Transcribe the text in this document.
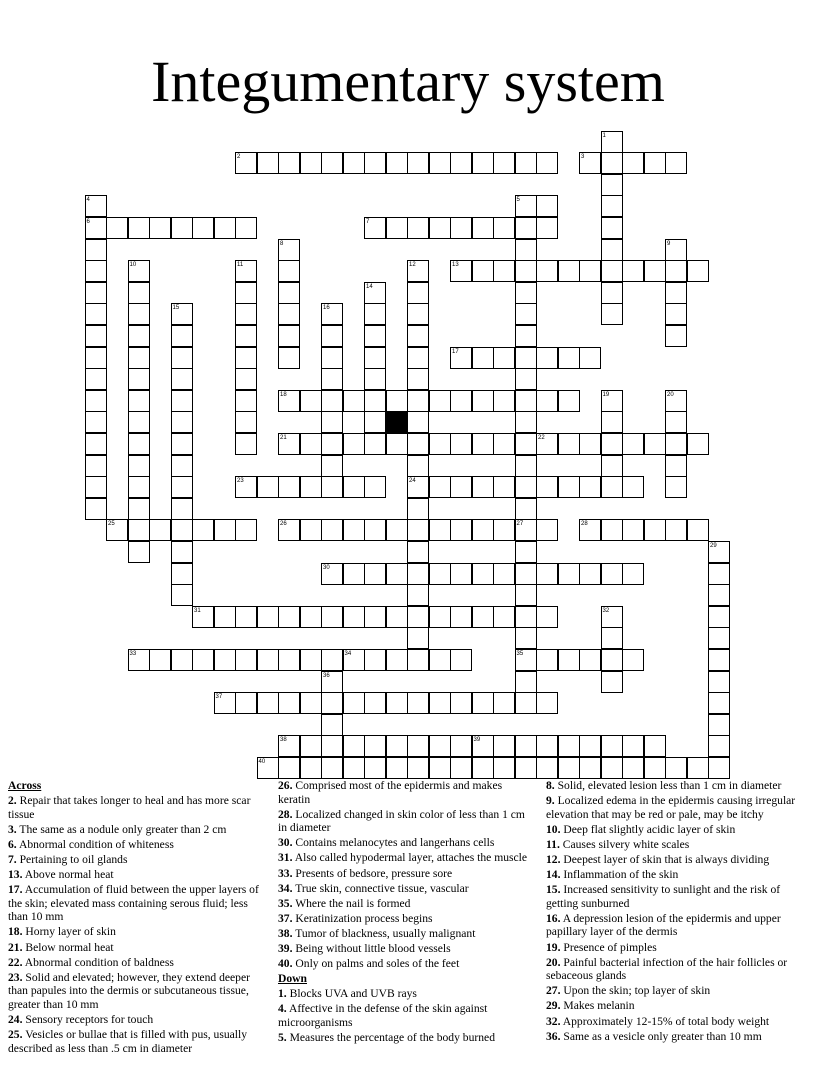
Integumentary system
1
2	3
4	5
6	7
8	9
10	11	12	13
14
15	16
17
18	19	20
21	22
23	24
25	26	27	28
29
30
31	32
33	34	35
36
37
38	39
40
Across
2. Repair that takes longer to heal and has more scar tissue
3. The same as a nodule only greater than 2 cm
6. Abnormal condition of whiteness
7. Pertaining to oil glands
13. Above normal heat
17. Accumulation of fluid between the upper layers of the skin; elevated mass containing serous fluid; less than 10 mm
18. Horny layer of skin
21. Below normal heat
22. Abnormal condition of baldness
23. Solid and elevated; however, they extend deeper than papules into the dermis or subcutaneous tissue, greater than 10 mm
24. Sensory receptors for touch
25. Vesicles or bullae that is filled with pus, usually described as less than .5 cm in diameter
26. Comprised most of the epidermis and makes keratin
28. Localized changed in skin color of less than 1 cm in diameter
30. Contains melanocytes and langerhans cells
31. Also called hypodermal layer, attaches the muscle
33. Presents of bedsore, pressure sore
34. True skin, connective tissue, vascular
35. Where the nail is formed
37. Keratinization process begins
38. Tumor of blackness, usually malignant
39. Being without little blood vessels
40. Only on palms and soles of the feet
Down
1. Blocks UVA and UVB rays
4. Affective in the defense of the skin against microorganisms
5. Measures the percentage of the body burned
8. Solid, elevated lesion less than 1 cm in diameter
9. Localized edema in the epidermis causing irregular elevation that may be red or pale, may be itchy
10. Deep flat slightly acidic layer of skin
11. Causes silvery white scales
12. Deepest layer of skin that is always dividing
14. Inflammation of the skin
15. Increased sensitivity to sunlight and the risk of getting sunburned
16. A depression lesion of the epidermis and upper papillary layer of the dermis
19. Presence of pimples
20. Painful bacterial infection of the hair follicles or sebaceous glands
27. Upon the skin; top layer of skin
29. Makes melanin
32. Approximately 12-15% of total body weight
36. Same as a vesicle only greater than 10 mm
